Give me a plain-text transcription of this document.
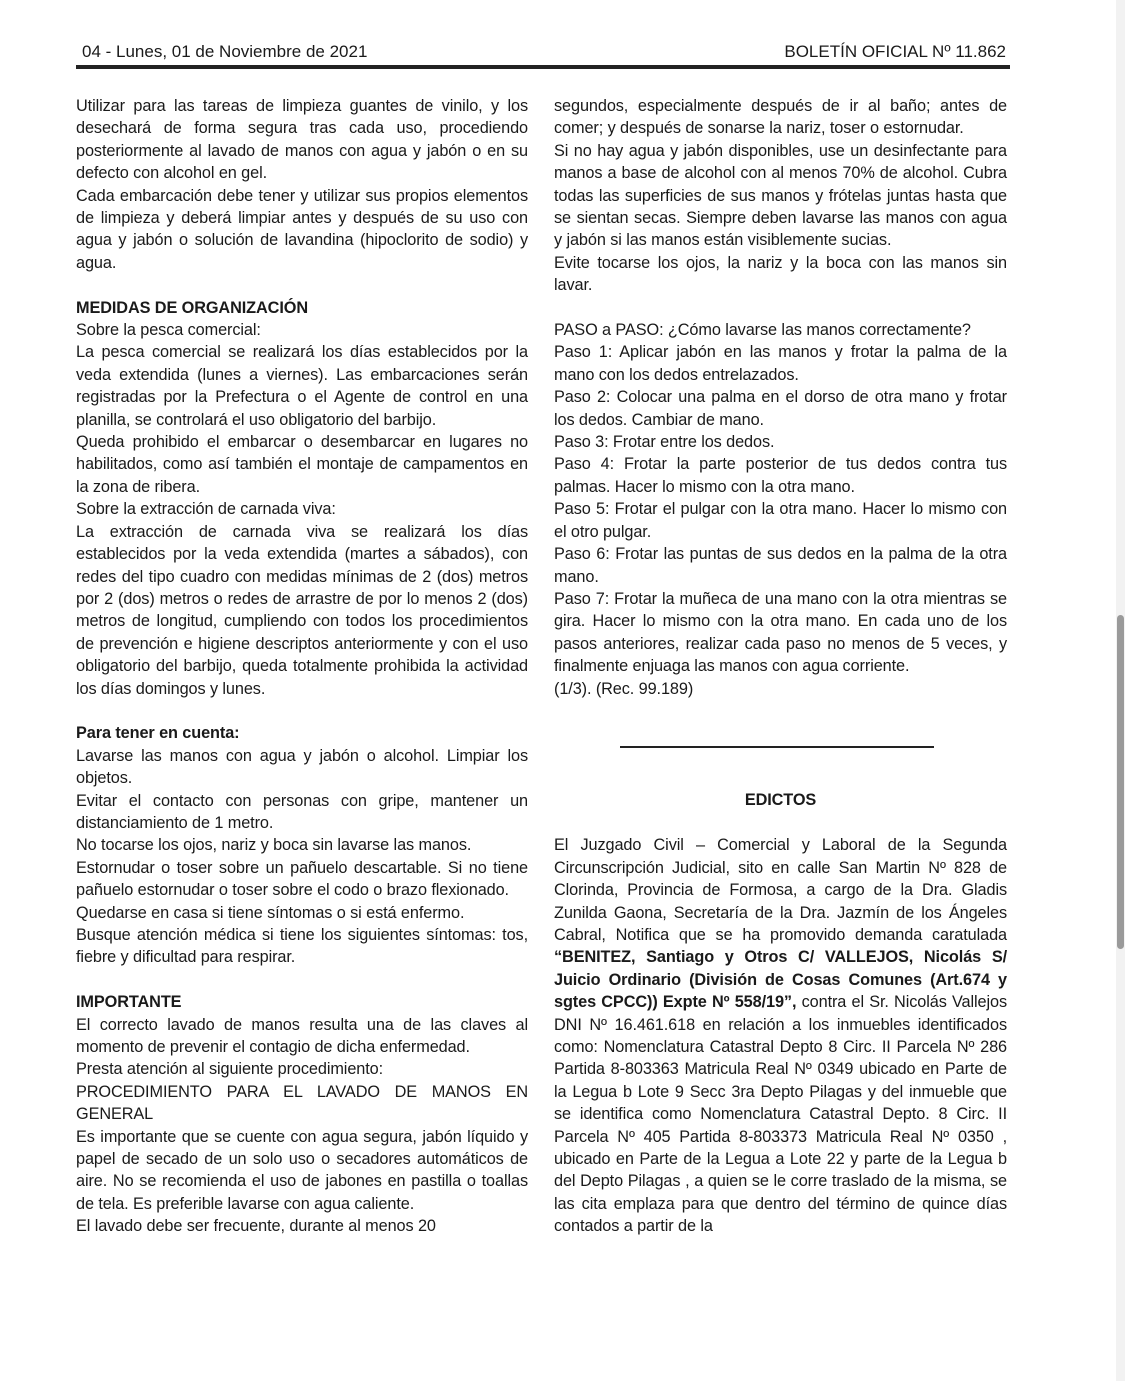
04 - Lunes, 01 de Noviembre de 2021	BOLETÍN OFICIAL Nº 11.862

Utilizar para las tareas de limpieza guantes de vinilo, y los desechará de forma segura tras cada uso, procediendo posteriormente al lavado de manos con agua y jabón o en su defecto con alcohol en gel.

Cada embarcación debe tener y utilizar sus propios elementos de limpieza y deberá limpiar antes y después de su uso con agua y jabón o solución de lavandina (hipoclorito de sodio) y agua.

MEDIDAS DE ORGANIZACIÓN

Sobre la pesca comercial:

La pesca comercial se realizará los días establecidos por la veda extendida (lunes a viernes). Las embarcaciones serán registradas por la Prefectura o el Agente de control en una planilla, se controlará el uso obligatorio del barbijo.

Queda prohibido el embarcar o desembarcar en lugares no habilitados, como así también el montaje de campamentos en la zona de ribera.

Sobre la extracción de carnada viva:

La extracción de carnada viva se realizará los días establecidos por la veda extendida (martes a sábados), con redes del tipo cuadro con medidas mínimas de 2 (dos) metros por 2 (dos) metros o redes de arrastre de por lo menos 2 (dos) metros de longitud, cumpliendo con todos los procedimientos de prevención e higiene descriptos anteriormente y con el uso obligatorio del barbijo, queda totalmente prohibida la actividad los días domingos y lunes.

Para tener en cuenta:

Lavarse las manos con agua y jabón o alcohol. Limpiar los objetos.

Evitar el contacto con personas con gripe, mantener un distanciamiento de 1 metro.

No tocarse los ojos, nariz y boca sin lavarse las manos.

Estornudar o toser sobre un pañuelo descartable. Si no tiene pañuelo estornudar o toser sobre el codo o brazo flexionado.

Quedarse en casa si tiene síntomas o si está enfermo.

Busque atención médica si tiene los siguientes síntomas: tos, fiebre y dificultad para respirar.

IMPORTANTE

El correcto lavado de manos resulta una de las claves al momento de prevenir el contagio de dicha enfermedad.

Presta atención al siguiente procedimiento:

PROCEDIMIENTO PARA EL LAVADO DE MANOS EN GENERAL

Es importante que se cuente con agua segura, jabón líquido y papel de secado de un solo uso o secadores automáticos de aire. No se recomienda el uso de jabones en pastilla o toallas de tela. Es preferible lavarse con agua caliente.

El lavado debe ser frecuente, durante al menos 20

segundos, especialmente después de ir al baño; antes de comer; y después de sonarse la nariz, toser o estornudar.

Si no hay agua y jabón disponibles, use un desinfectante para manos a base de alcohol con al menos 70% de alcohol. Cubra todas las superficies de sus manos y frótelas juntas hasta que se sientan secas. Siempre deben lavarse las manos con agua y jabón si las manos están visiblemente sucias.

Evite tocarse los ojos, la nariz y la boca con las manos sin lavar.

PASO a PASO: ¿Cómo lavarse las manos correctamente?

Paso 1: Aplicar jabón en las manos y frotar la palma de la mano con los dedos entrelazados.

Paso 2: Colocar una palma en el dorso de otra mano y frotar los dedos. Cambiar de mano.

Paso 3: Frotar entre los dedos.

Paso 4: Frotar la parte posterior de tus dedos contra tus palmas. Hacer lo mismo con la otra mano.

Paso 5: Frotar el pulgar con la otra mano. Hacer lo mismo con el otro pulgar.

Paso 6: Frotar las puntas de sus dedos en la palma de la otra mano.

Paso 7: Frotar la muñeca de una mano con la otra mientras se gira. Hacer lo mismo con la otra mano. En cada uno de los pasos anteriores, realizar cada paso no menos de 5 veces, y finalmente enjuaga las manos con agua corriente.

(1/3). (Rec. 99.189)

EDICTOS

El Juzgado Civil – Comercial y Laboral de la Segunda Circunscripción Judicial, sito en calle San Martin Nº 828 de Clorinda, Provincia de Formosa, a cargo de la Dra. Gladis Zunilda Gaona, Secretaría de la Dra. Jazmín de los Ángeles Cabral, Notifica que se ha promovido demanda caratulada “BENITEZ, Santiago y Otros C/ VALLEJOS, Nicolás S/ Juicio Ordinario (División de Cosas Comunes (Art.674 y sgtes CPCC)) Expte Nº 558/19”, contra el Sr. Nicolás Vallejos DNI Nº 16.461.618 en relación a los inmuebles identificados como: Nomenclatura Catastral Depto 8 Circ. II Parcela Nº 286 Partida 8-803363 Matricula Real Nº 0349 ubicado en Parte de la Legua b Lote 9 Secc 3ra Depto Pilagas y del inmueble que se identifica como Nomenclatura Catastral Depto. 8 Circ. II Parcela Nº 405 Partida 8-803373 Matricula Real Nº 0350 , ubicado en Parte de la Legua a Lote 22 y parte de la Legua b del Depto Pilagas , a quien se le corre traslado de la misma, se las cita emplaza para que dentro del término de quince días contados a partir de la
